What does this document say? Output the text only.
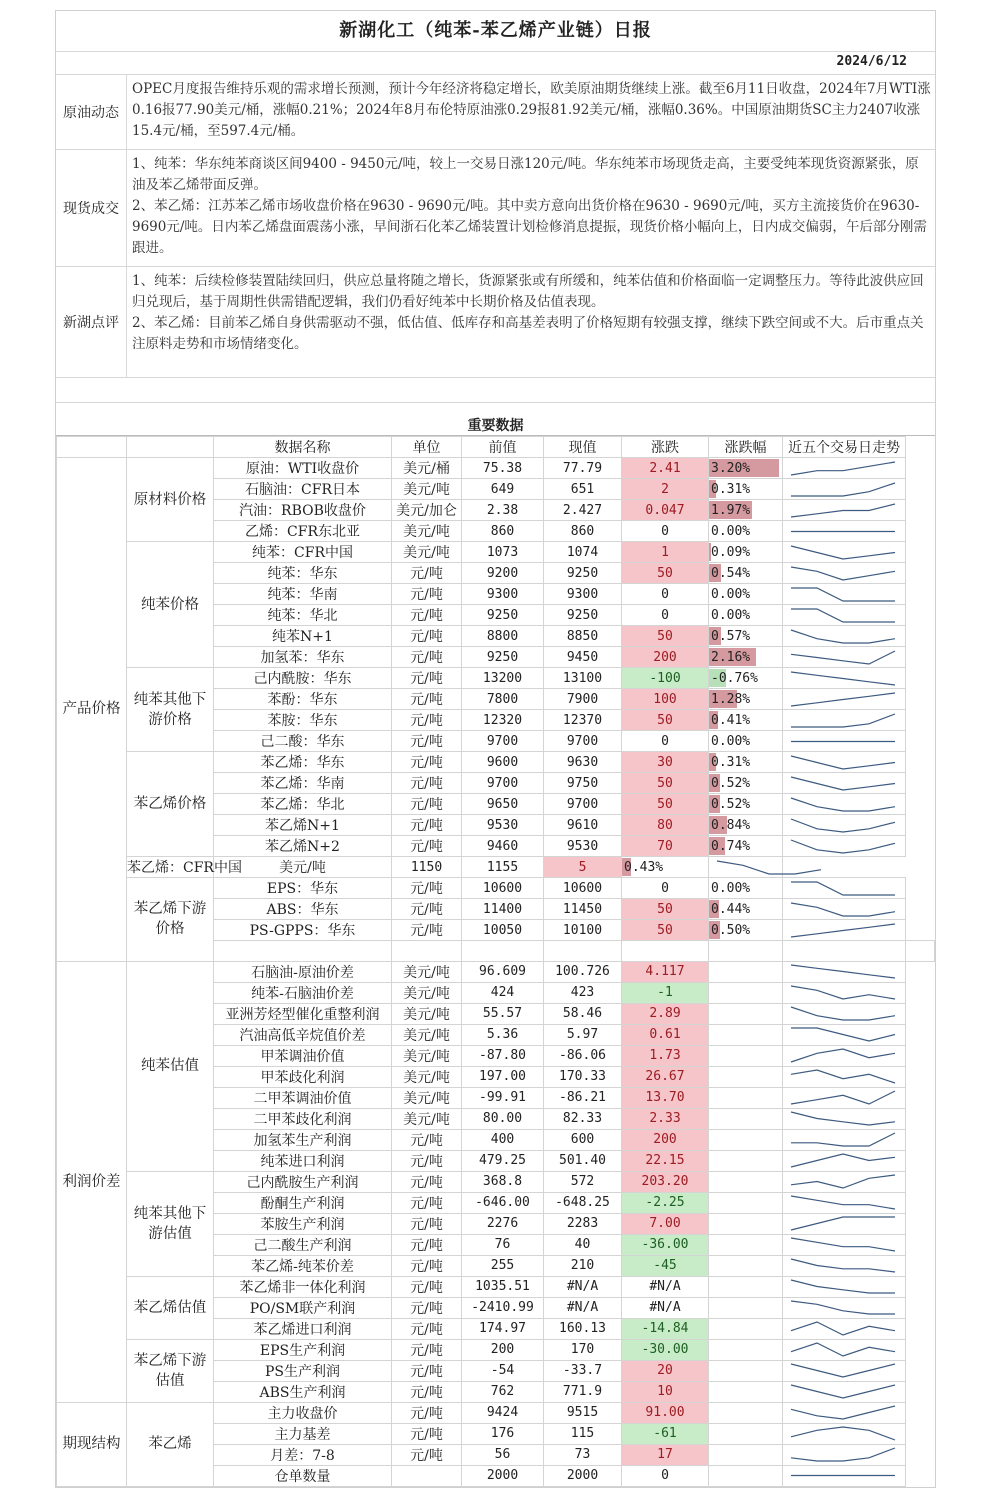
新湖化工（纯苯-苯乙烯产业链）日报
2024/6/12
原油动态

OPEC月度报告维持乐观的需求增长预测，预计今年经济将稳定增长，欧美原油期货继续上涨。截至6月11日收盘，2024年7月WTI涨0.16报77.90美元/桶，涨幅0.21%；2024年8月布伦特原油涨0.29报81.92美元/桶，涨幅0.36%。中国原油期货SC主力2407收涨15.4元/桶，至597.4元/桶。

现货成交

1、纯苯：华东纯苯商谈区间9400 - 9450元/吨，较上一交易日涨120元/吨。华东纯苯市场现货走高，主要受纯苯现货资源紧张，原油及苯乙烯带面反弹。

2、苯乙烯：江苏苯乙烯市场收盘价格在9630 - 9690元/吨。其中卖方意向出货价格在9630 - 9690元/吨，买方主流接货价在9630-9690元/吨。日内苯乙烯盘面震荡小涨，早间浙石化苯乙烯装置计划检修消息提振，现货价格小幅向上，日内成交偏弱，午后部分刚需跟进。

新湖点评

1、纯苯：后续检修装置陆续回归，供应总量将随之增长，货源紧张或有所缓和，纯苯估值和价格面临一定调整压力。等待此波供应回归兑现后，基于周期性供需错配逻辑，我们仍看好纯苯中长期价格及估值表现。

2、苯乙烯：目前苯乙烯自身供需驱动不强，低估值、低库存和高基差表明了价格短期有较强支撑，继续下跌空间或不大。后市重点关注原料走势和市场情绪变化。

重要数据
		数据名称	单位	前值	现值	涨跌	涨跌幅	近五个交易日走势	
产品价格	原材料价格	原油：WTI收盘价	美元/桶	75.38	77.79	2.41	3.20%	

		石脑油：CFR日本	美元/吨	649	651	2	0.31%	

		汽油：RBOB收盘价	美元/加仑	2.38	2.427	0.047	1.97%	

		乙烯：CFR东北亚	美元/吨	860	860	0	0.00%	

	纯苯价格	纯苯：CFR中国	美元/吨	1073	1074	1	0.09%	

		纯苯：华东	元/吨	9200	9250	50	0.54%	

		纯苯：华南	元/吨	9300	9300	0	0.00%	

		纯苯：华北	元/吨	9250	9250	0	0.00%	

		纯苯N+1	元/吨	8800	8850	50	0.57%	

		加氢苯：华东	元/吨	9250	9450	200	2.16%	

	纯苯其他下游价格	己内酰胺：华东	元/吨	13200	13100	-100	-0.76%	

		苯酚：华东	元/吨	7800	7900	100	1.28%	

		苯胺：华东	元/吨	12320	12370	50	0.41%	

		己二酸：华东	元/吨	9700	9700	0	0.00%	

	苯乙烯价格	苯乙烯：华东	元/吨	9600	9630	30	0.31%	

		苯乙烯：华南	元/吨	9700	9750	50	0.52%	

		苯乙烯：华北	元/吨	9650	9700	50	0.52%	

		苯乙烯N+1	元/吨	9530	9610	80	0.84%	

		苯乙烯N+2	元/吨	9460	9530	70	0.74%	

	苯乙烯：CFR中国	美元/吨	1150	1155	5	0.43%	

	苯乙烯下游价格	EPS：华东	元/吨	10600	10600	0	0.00%	

		ABS：华东	元/吨	11400	11450	50	0.44%	

		PS-GPPS：华东	元/吨	10050	10100	50	0.50%	

利润价差	纯苯估值	石脑油-原油价差	美元/吨	96.609	100.726	4.117		

		纯苯-石脑油价差	美元/吨	424	423	-1		

		亚洲芳烃型催化重整利润	美元/吨	55.57	58.46	2.89		

		汽油高低辛烷值价差	美元/吨	5.36	5.97	0.61		

		甲苯调油价值	美元/吨	-87.80	-86.06	1.73		

		甲苯歧化利润	美元/吨	197.00	170.33	26.67		

		二甲苯调油价值	美元/吨	-99.91	-86.21	13.70		

		二甲苯歧化利润	美元/吨	80.00	82.33	2.33		

		加氢苯生产利润	元/吨	400	600	200		

		纯苯进口利润	元/吨	479.25	501.40	22.15		

	纯苯其他下游估值	己内酰胺生产利润	元/吨	368.8	572	203.20		

		酚酮生产利润	元/吨	-646.00	-648.25	-2.25		

		苯胺生产利润	元/吨	2276	2283	7.00		

		己二酸生产利润	元/吨	76	40	-36.00		

		苯乙烯-纯苯价差	元/吨	255	210	-45		

	苯乙烯估值	苯乙烯非一体化利润	元/吨	1035.51	#N/A	#N/A		

		PO/SM联产利润	元/吨	-2410.99	#N/A	#N/A		

		苯乙烯进口利润	元/吨	174.97	160.13	-14.84		

	苯乙烯下游估值	EPS生产利润	元/吨	200	170	-30.00		

		PS生产利润	元/吨	-54	-33.7	20		

		ABS生产利润	元/吨	762	771.9	10		

期现结构	苯乙烯	主力收盘价	元/吨	9424	9515	91.00		

		主力基差	元/吨	176	115	-61		

		月差：7-8	元/吨	56	73	17		

		仓单数量		2000	2000	0		
